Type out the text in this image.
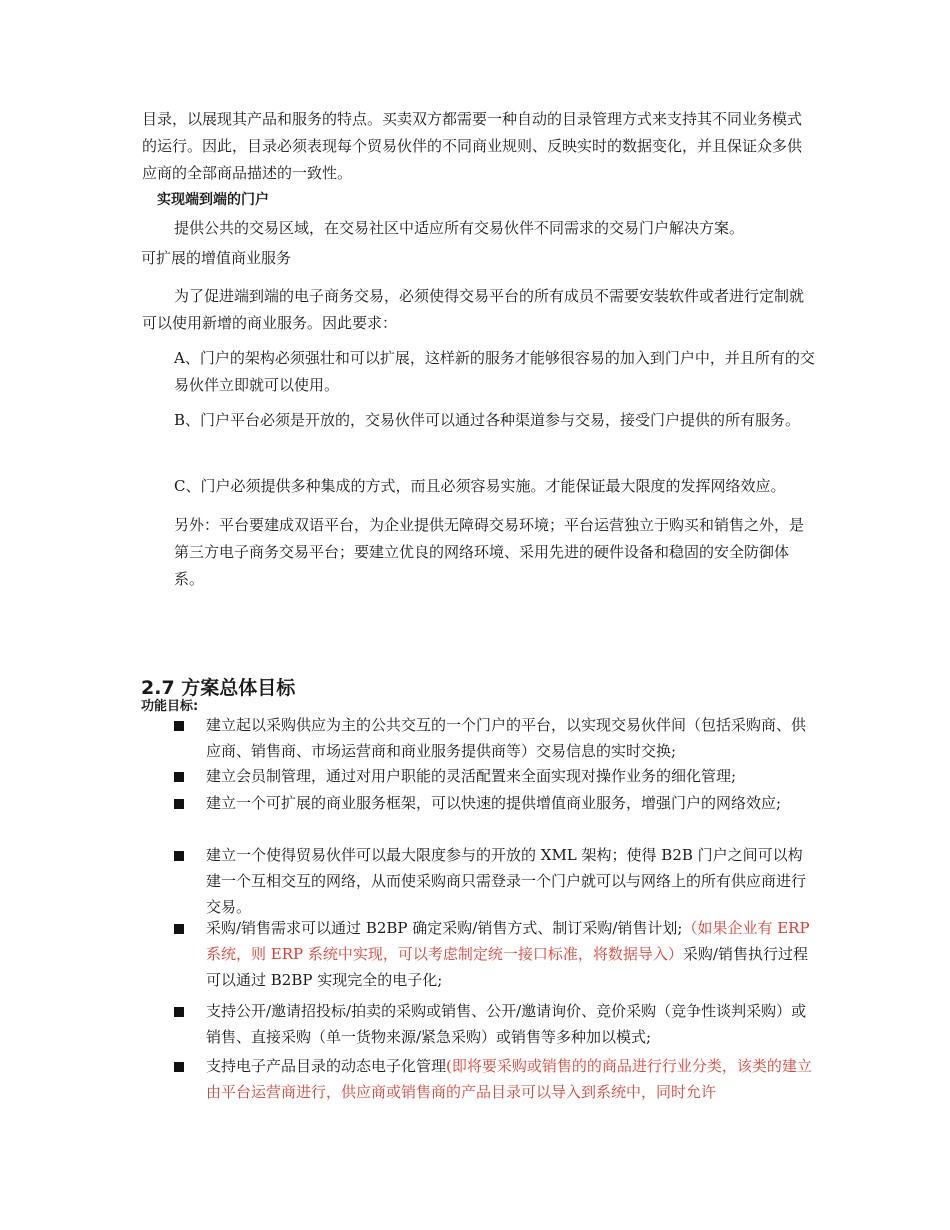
目录，以展现其产品和服务的特点。买卖双方都需要一种自动的目录管理方式来支持其不同业务模式的运行。因此，目录必须表现每个贸易伙伴的不同商业规则、反映实时的数据变化，并且保证众多供应商的全部商品描述的一致性。

实现端到端的门户

提供公共的交易区域，在交易社区中适应所有交易伙伴不同需求的交易门户解决方案。

可扩展的增值商业服务

为了促进端到端的电子商务交易，必须使得交易平台的所有成员不需要安装软件或者进行定制就可以使用新增的商业服务。因此要求：

A、门户的架构必须强壮和可以扩展，这样新的服务才能够很容易的加入到门户中，并且所有的交易伙伴立即就可以使用。

B、门户平台必须是开放的，交易伙伴可以通过各种渠道参与交易，接受门户提供的所有服务。

C、门户必须提供多种集成的方式，而且必须容易实施。才能保证最大限度的发挥网络效应。

另外：平台要建成双语平台，为企业提供无障碍交易环境；平台运营独立于购买和销售之外，是第三方电子商务交易平台；要建立优良的网络环境、采用先进的硬件设备和稳固的安全防御体系。

2.7 方案总体目标

功能目标:

建立起以采购供应为主的公共交互的一个门户的平台，以实现交易伙伴间（包括采购商、供应商、销售商、市场运营商和商业服务提供商等）交易信息的实时交换;
建立会员制管理，通过对用户职能的灵活配置来全面实现对操作业务的细化管理;
建立一个可扩展的商业服务框架，可以快速的提供增值商业服务，增强门户的网络效应;
建立一个使得贸易伙伴可以最大限度参与的开放的 XML 架构；使得 B2B 门户之间可以构建一个互相交互的网络，从而使采购商只需登录一个门户就可以与网络上的所有供应商进行交易。
采购/销售需求可以通过 B2BP 确定采购/销售方式、制订采购/销售计划;（如果企业有 ERP 系统，则 ERP 系统中实现，可以考虑制定统一接口标准，将数据导入）采购/销售执行过程可以通过 B2BP 实现完全的电子化;
支持公开/邀请招投标/拍卖的采购或销售、公开/邀请询价、竞价采购（竞争性谈判采购）或销售、直接采购（单一货物来源/紧急采购）或销售等多种加以模式;
支持电子产品目录的动态电子化管理(即将要采购或销售的的商品进行行业分类，该类的建立由平台运营商进行，供应商或销售商的产品目录可以导入到系统中，同时允许
